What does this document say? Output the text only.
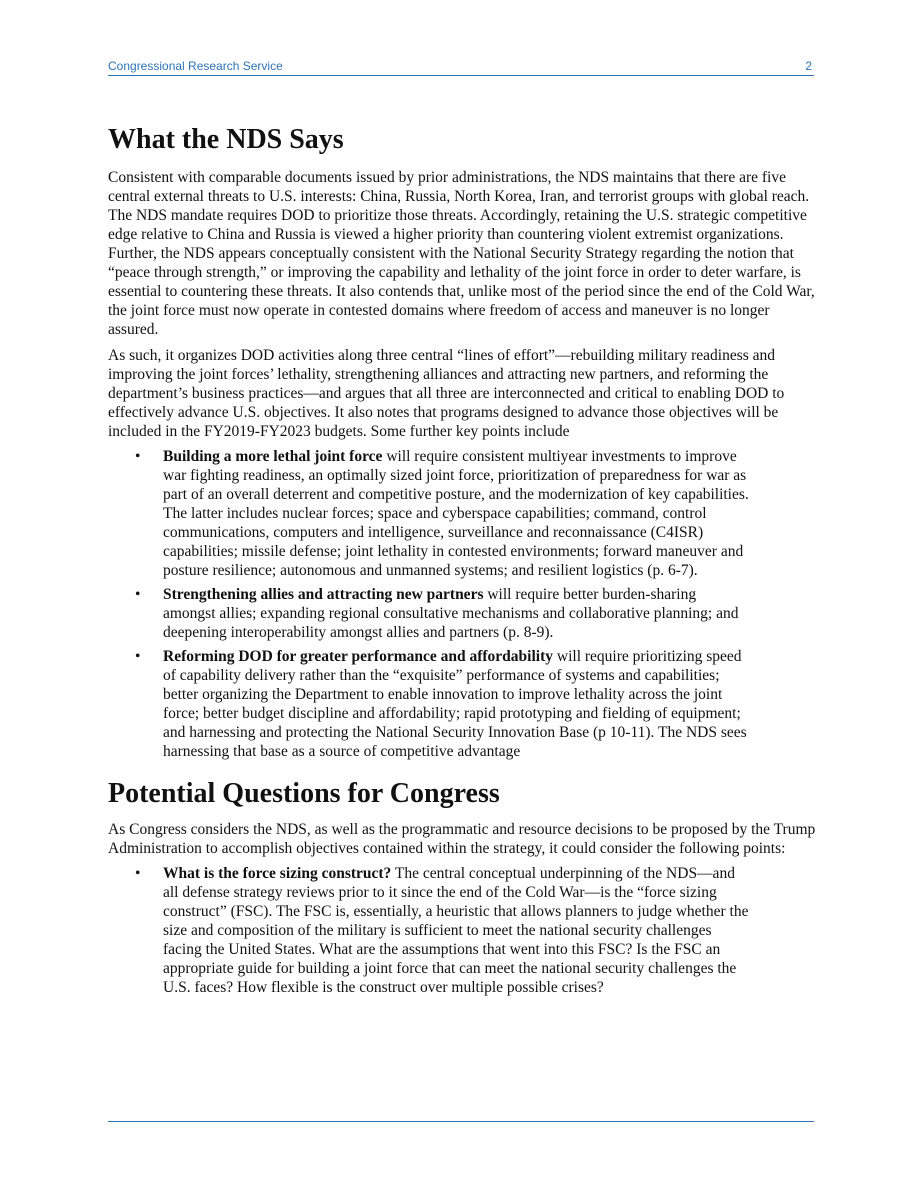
Congressional Research Service	2
What the NDS Says

Consistent with comparable documents issued by prior administrations, the NDS maintains that there are five central external threats to U.S. interests: China, Russia, North Korea, Iran, and terrorist groups with global reach. The NDS mandate requires DOD to prioritize those threats. Accordingly, retaining the U.S. strategic competitive edge relative to China and Russia is viewed a higher priority than countering violent extremist organizations. Further, the NDS appears conceptually consistent with the National Security Strategy regarding the notion that “peace through strength,” or improving the capability and lethality of the joint force in order to deter warfare, is essential to countering these threats. It also contends that, unlike most of the period since the end of the Cold War, the joint force must now operate in contested domains where freedom of access and maneuver is no longer assured.

As such, it organizes DOD activities along three central “lines of effort”—rebuilding military readiness and improving the joint forces’ lethality, strengthening alliances and attracting new partners, and reforming the department’s business practices—and argues that all three are interconnected and critical to enabling DOD to effectively advance U.S. objectives. It also notes that programs designed to advance those objectives will be included in the FY2019-FY2023 budgets. Some further key points include

• Building a more lethal joint force will require consistent multiyear investments to improve war fighting readiness, an optimally sized joint force, prioritization of preparedness for war as part of an overall deterrent and competitive posture, and the modernization of key capabilities. The latter includes nuclear forces; space and cyberspace capabilities; command, control communications, computers and intelligence, surveillance and reconnaissance (C4ISR) capabilities; missile defense; joint lethality in contested environments; forward maneuver and posture resilience; autonomous and unmanned systems; and resilient logistics (p. 6-7).
• Strengthening allies and attracting new partners will require better burden-sharing amongst allies; expanding regional consultative mechanisms and collaborative planning; and deepening interoperability amongst allies and partners (p. 8-9).
• Reforming DOD for greater performance and affordability will require prioritizing speed of capability delivery rather than the “exquisite” performance of systems and capabilities; better organizing the Department to enable innovation to improve lethality across the joint force; better budget discipline and affordability; rapid prototyping and fielding of equipment; and harnessing and protecting the National Security Innovation Base (p 10-11). The NDS sees harnessing that base as a source of competitive advantage
Potential Questions for Congress

As Congress considers the NDS, as well as the programmatic and resource decisions to be proposed by the Trump Administration to accomplish objectives contained within the strategy, it could consider the following points:

• What is the force sizing construct? The central conceptual underpinning of the NDS—and all defense strategy reviews prior to it since the end of the Cold War—is the “force sizing construct” (FSC). The FSC is, essentially, a heuristic that allows planners to judge whether the size and composition of the military is sufficient to meet the national security challenges facing the United States. What are the assumptions that went into this FSC? Is the FSC an appropriate guide for building a joint force that can meet the national security challenges the U.S. faces? How flexible is the construct over multiple possible crises?
